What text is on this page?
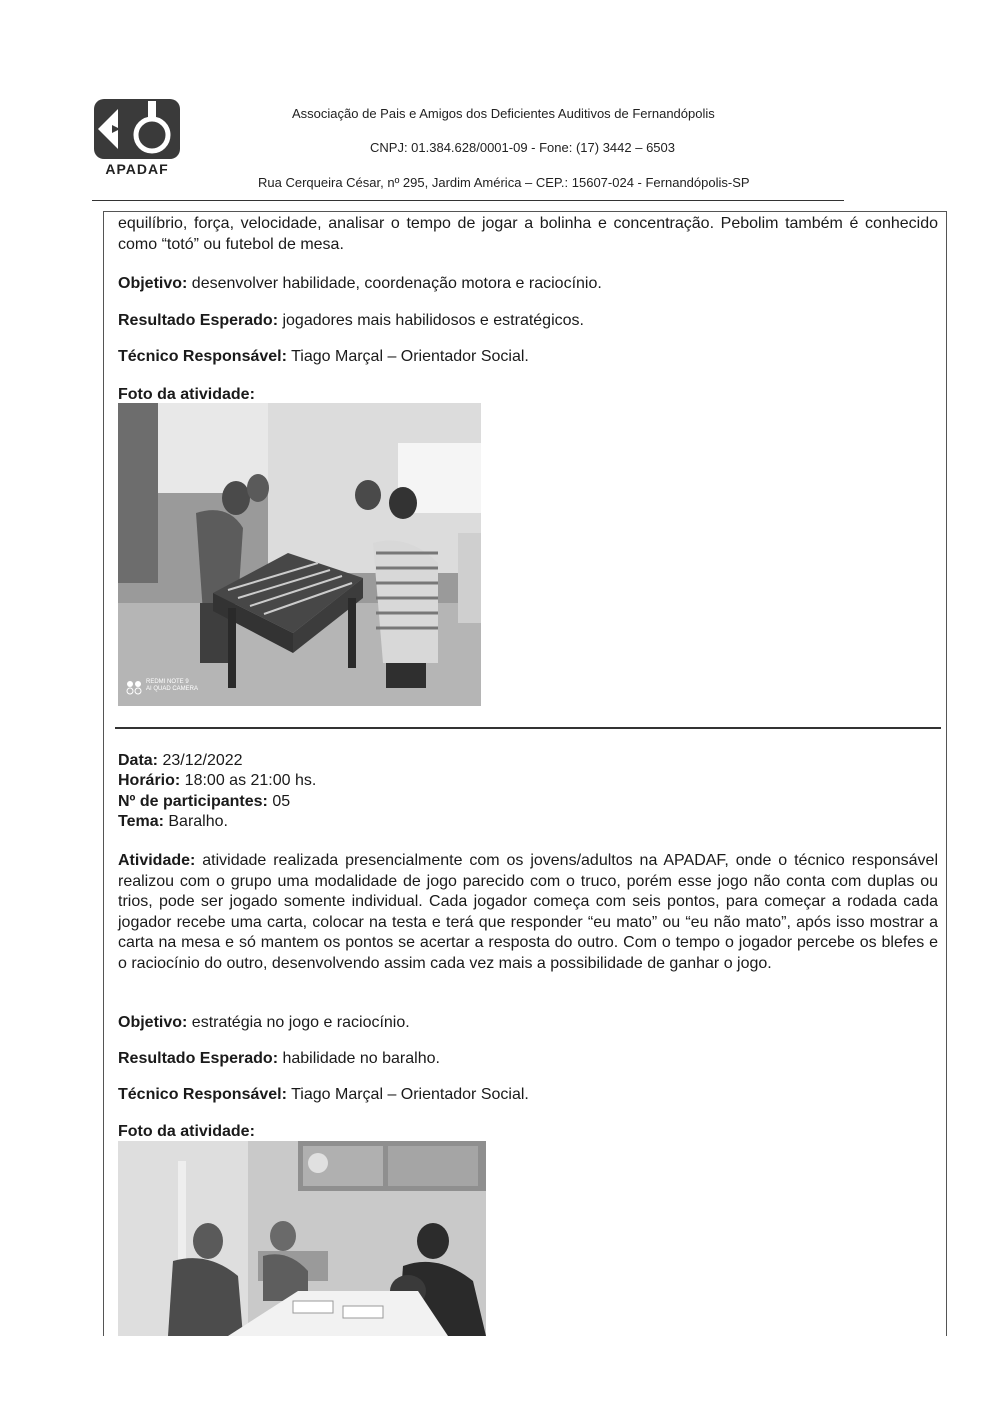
APADAF
Associação de Pais e Amigos dos Deficientes Auditivos de Fernandópolis
CNPJ: 01.384.628/0001-09 - Fone: (17) 3442 – 6503
Rua Cerqueira César, nº 295, Jardim América – CEP.: 15607-024 - Fernandópolis-SP
equilíbrio, força, velocidade, analisar o tempo de jogar a bolinha e concentração. Pebolim também é conhecido como “totó” ou futebol de mesa.
Objetivo: desenvolver habilidade, coordenação motora e raciocínio.
Resultado Esperado: jogadores mais habilidosos e estratégicos.
Técnico Responsável: Tiago Marçal – Orientador Social.
Foto da atividade:
REDMI NOTE 9
AI QUAD CAMERA
Data: 23/12/2022
Horário: 18:00 as 21:00 hs.
Nº de participantes: 05
Tema: Baralho.
Atividade: atividade realizada presencialmente com os jovens/adultos na APADAF, onde o técnico responsável realizou com o grupo uma modalidade de jogo parecido com o truco, porém esse jogo não conta com duplas ou trios, pode ser jogado somente individual. Cada jogador começa com seis pontos, para começar a rodada cada jogador recebe uma carta, colocar na testa e terá que responder “eu mato” ou “eu não mato”, após isso mostrar a carta na mesa e só mantem os pontos se acertar a resposta do outro. Com o tempo o jogador percebe os blefes e o raciocínio do outro, desenvolvendo assim cada vez mais a possibilidade de ganhar o jogo.
Objetivo: estratégia no jogo e raciocínio.
Resultado Esperado: habilidade no baralho.
Técnico Responsável: Tiago Marçal – Orientador Social.
Foto da atividade:
